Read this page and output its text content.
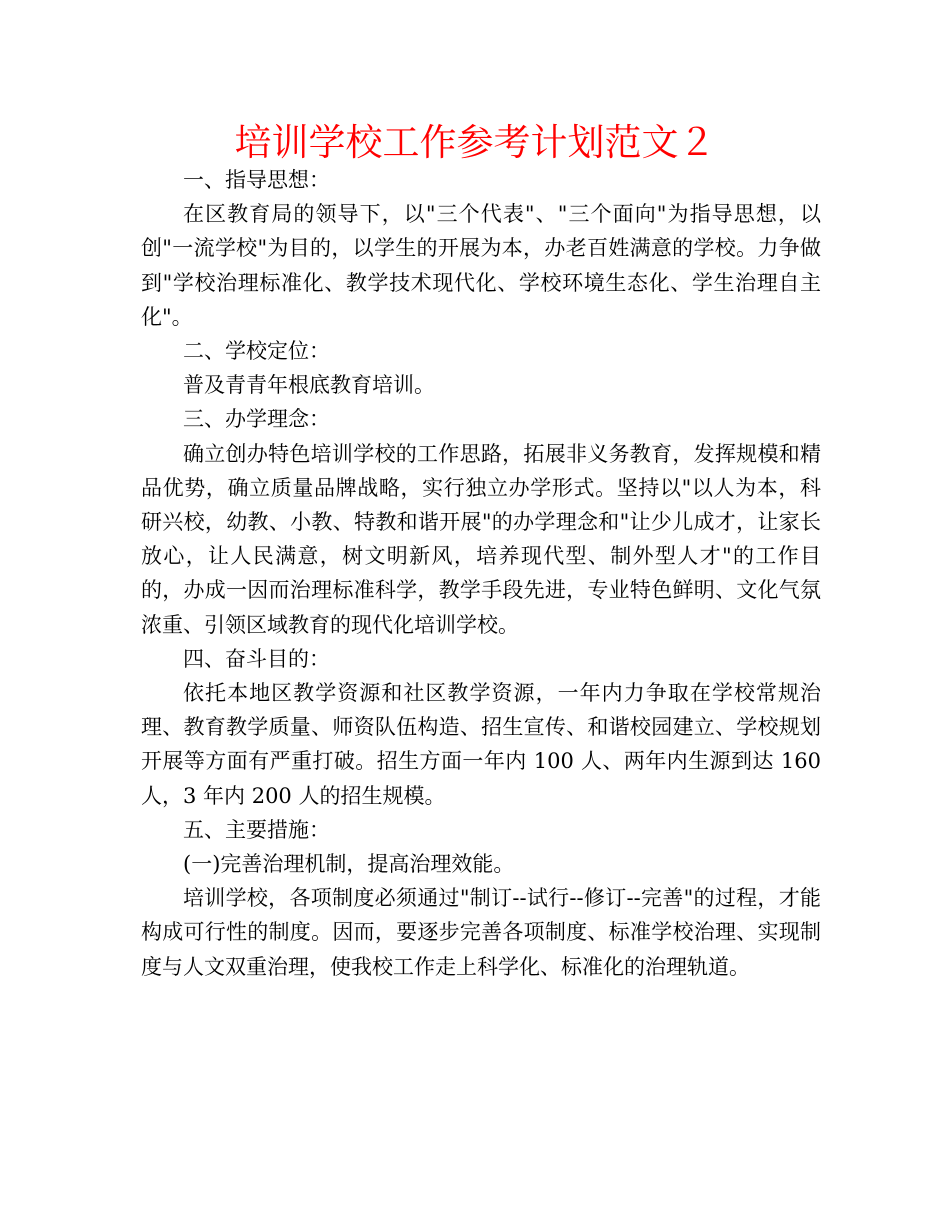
培训学校工作参考计划范文２

一、指导思想：

在区教育局的领导下，以"三个代表"、"三个面向"为指导思想，以创"一流学校"为目的，以学生的开展为本，办老百姓满意的学校。力争做到"学校治理标准化、教学技术现代化、学校环境生态化、学生治理自主化"。

二、学校定位：

普及青青年根底教育培训。

三、办学理念：

确立创办特色培训学校的工作思路，拓展非义务教育，发挥规模和精品优势，确立质量品牌战略，实行独立办学形式。坚持以"以人为本，科研兴校，幼教、小教、特教和谐开展"的办学理念和"让少儿成才，让家长放心，让人民满意，树文明新风，培养现代型、制外型人才"的工作目的，办成一因而治理标准科学，教学手段先进，专业特色鲜明、文化气氛浓重、引领区域教育的现代化培训学校。

四、奋斗目的：

依托本地区教学资源和社区教学资源，一年内力争取在学校常规治理、教育教学质量、师资队伍构造、招生宣传、和谐校园建立、学校规划开展等方面有严重打破。招生方面一年内 100 人、两年内生源到达 160 人，3 年内 200 人的招生规模。

五、主要措施：

(一)完善治理机制，提高治理效能。

培训学校，各项制度必须通过"制订--试行--修订--完善"的过程，才能构成可行性的制度。因而，要逐步完善各项制度、标准学校治理、实现制度与人文双重治理，使我校工作走上科学化、标准化的治理轨道。
